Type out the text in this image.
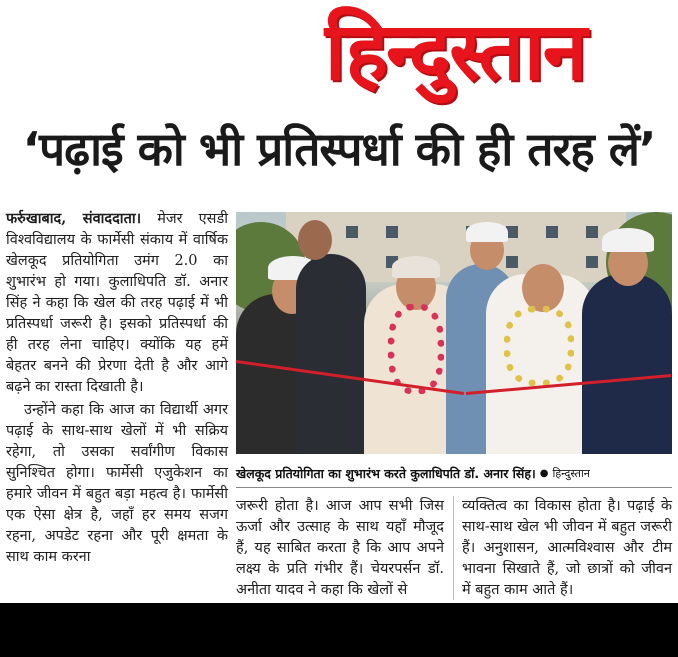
हिन्दुस्तान
‘पढ़ाई को भी प्रतिस्पर्धा की ही तरह लें’

फर्रुखाबाद, संवाददाता। मेजर एसडी विश्वविद्यालय के फार्मेसी संकाय में वार्षिक खेलकूद प्रतियोगिता उमंग 2.0 का शुभारंभ हो गया। कुलाधिपति डॉ. अनार सिंह ने कहा कि खेल की तरह पढ़ाई में भी प्रतिस्पर्धा जरूरी है। इसको प्रतिस्पर्धा की ही तरह लेना चाहिए। क्योंकि यह हमें बेहतर बनने की प्रेरणा देती है और आगे बढ़ने का रास्ता दिखाती है।

उन्होंने कहा कि आज का विद्यार्थी अगर पढ़ाई के साथ-साथ खेलों में भी सक्रिय रहेगा, तो उसका सर्वांगीण विकास सुनिश्चित होगा। फार्मेसी एजुकेशन का हमारे जीवन में बहुत बड़ा महत्व है। फार्मेसी एक ऐसा क्षेत्र है, जहाँ हर समय सजग रहना, अपडेट रहना और पूरी क्षमता के साथ काम करना

खेलकूद प्रतियोगिता का शुभारंभ करते कुलाधिपति डॉ. अनार सिंह। ● हिन्दुस्तान
जरूरी होता है। आज आप सभी जिस ऊर्जा और उत्साह के साथ यहाँ मौजूद हैं, यह साबित करता है कि आप अपने लक्ष्य के प्रति गंभीर हैं। चेयरपर्सन डॉ. अनीता यादव ने कहा कि खेलों से
व्यक्तित्व का विकास होता है। पढ़ाई के साथ-साथ खेल भी जीवन में बहुत जरूरी हैं। अनुशासन, आत्मविश्वास और टीम भावना सिखाते हैं, जो छात्रों को जीवन में बहुत काम आते हैं।
